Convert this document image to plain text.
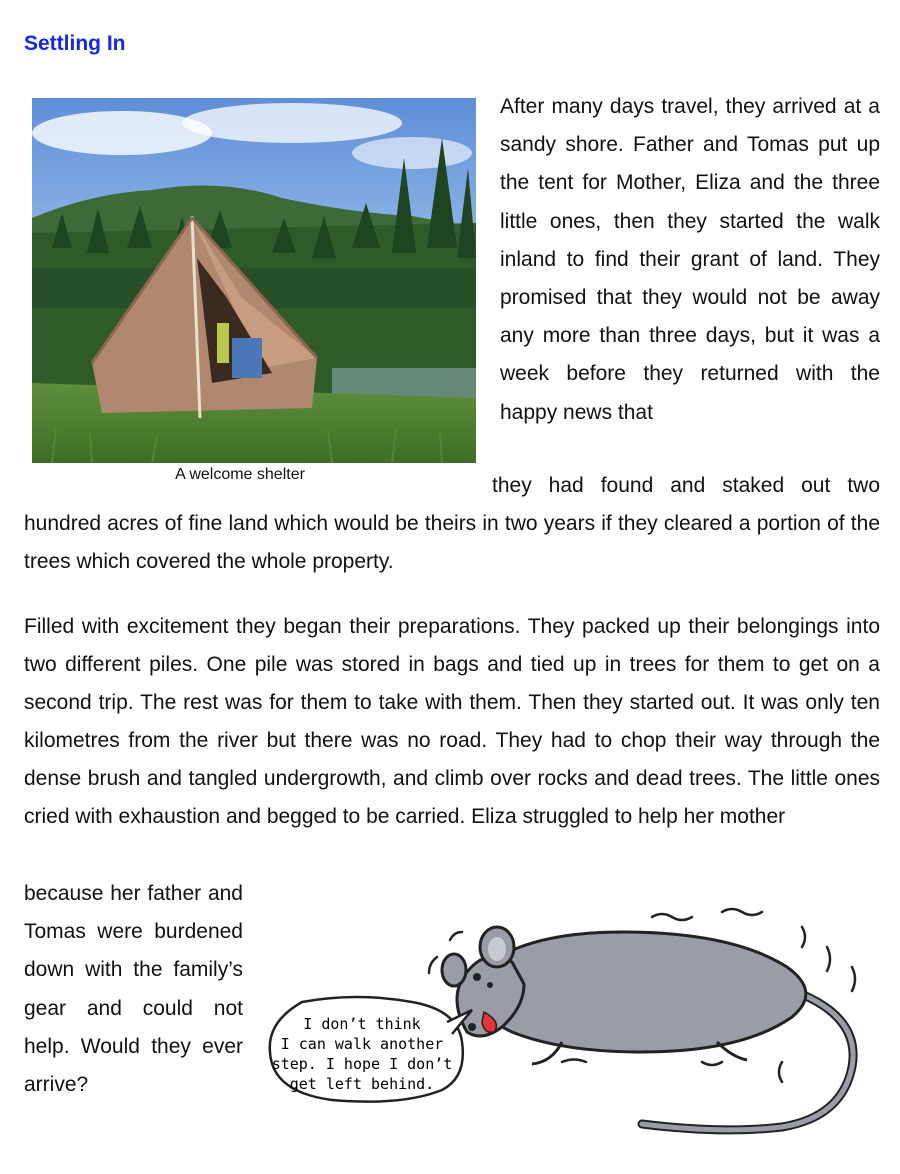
Settling In
A welcome shelter

After many days travel, they arrived at a sandy shore. Father and Tomas put up the tent for Mother, Eliza and the three little ones, then they started the walk inland to find their grant of land. They promised that they would not be away any more than three days, but it was a week before they returned with the happy news that

they had found and staked out two
hundred acres of fine land which would be theirs in two years if they cleared a portion of the trees which covered the whole property.

Filled with excitement they began their preparations. They packed up their belongings into two different piles. One pile was stored in bags and tied up in trees for them to get on a second trip. The rest was for them to take with them. Then they started out. It was only ten kilometres from the river but there was no road. They had to chop their way through the dense brush and tangled undergrowth, and climb over rocks and dead trees. The little ones cried with exhaustion and begged to be carried. Eliza struggled to help her mother

because her father and Tomas were burdened down with the family’s gear and could not help. Would they ever arrive?

I don’t think
I can walk another
step. I hope I don’t
get left behind.
